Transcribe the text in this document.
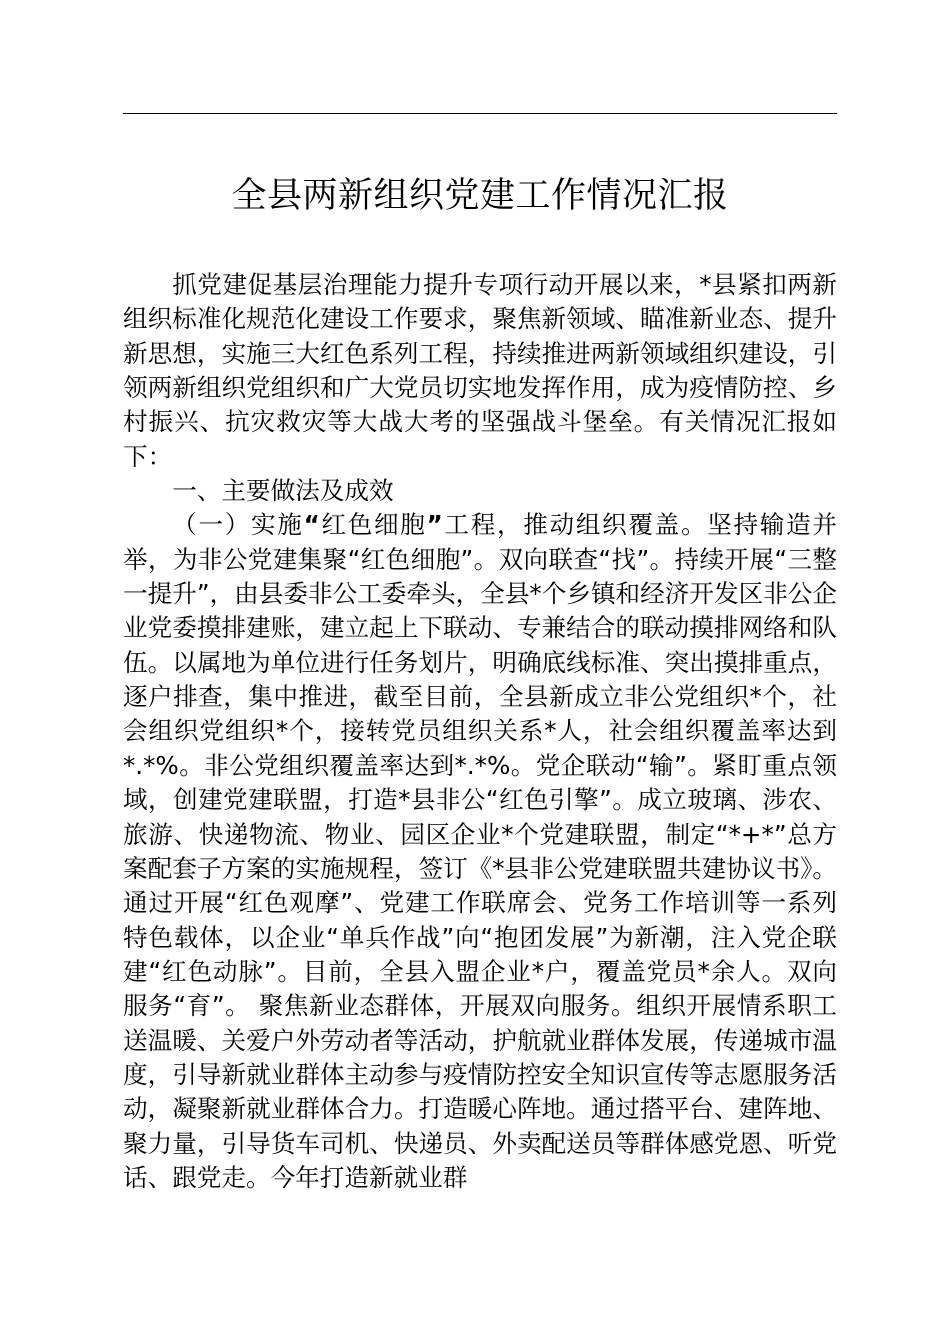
全县两新组织党建工作情况汇报

抓党建促基层治理能力提升专项行动开展以来，*县紧扣两新组织标准化规范化建设工作要求，聚焦新领域、瞄准新业态、提升新思想，实施三大红色系列工程，持续推进两新领域组织建设，引领两新组织党组织和广大党员切实地发挥作用，成为疫情防控、乡村振兴、抗灾救灾等大战大考的坚强战斗堡垒。有关情况汇报如下：

一、主要做法及成效

（一）实施“红色细胞”工程，推动组织覆盖。坚持输造并举，为非公党建集聚“红色细胞”。双向联查“找”。持续开展“三整一提升”，由县委非公工委牵头，全县*个乡镇和经济开发区非公企业党委摸排建账，建立起上下联动、专兼结合的联动摸排网络和队伍。以属地为单位进行任务划片，明确底线标准、突出摸排重点，逐户排查，集中推进，截至目前，全县新成立非公党组织*个，社会组织党组织*个，接转党员组织关系*人，社会组织覆盖率达到*.*%。非公党组织覆盖率达到*.*%。党企联动“输”。紧盯重点领域，创建党建联盟，打造*县非公“红色引擎”。成立玻璃、涉农、旅游、快递物流、物业、园区企业*个党建联盟，制定“*+*”总方案配套子方案的实施规程，签订《*县非公党建联盟共建协议书》。通过开展“红色观摩”、党建工作联席会、党务工作培训等一系列特色载体，以企业“单兵作战”向“抱团发展”为新潮，注入党企联建“红色动脉”。目前，全县入盟企业*户，覆盖党员*余人。双向服务“育”。 聚焦新业态群体，开展双向服务。组织开展情系职工送温暖、关爱户外劳动者等活动，护航就业群体发展，传递城市温度，引导新就业群体主动参与疫情防控安全知识宣传等志愿服务活动，凝聚新就业群体合力。打造暖心阵地。通过搭平台、建阵地、聚力量，引导货车司机、快递员、外卖配送员等群体感党恩、听党话、跟党走。今年打造新就业群
